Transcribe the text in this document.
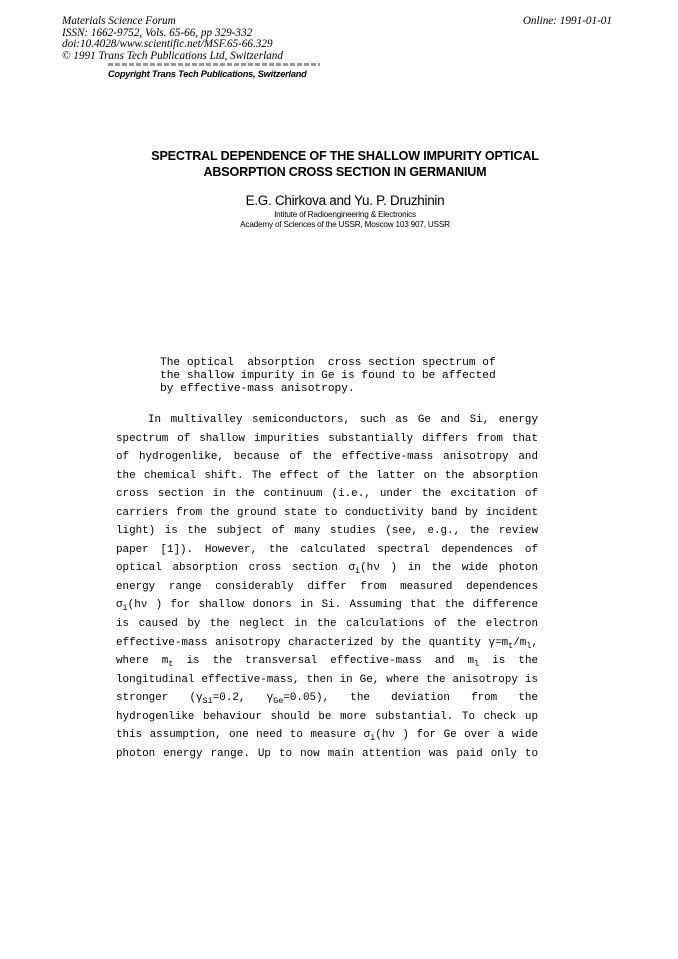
Materials Science Forum
ISSN: 1662-9752, Vols. 65-66, pp 329-332
doi:10.4028/www.scientific.net/MSF.65-66.329
© 1991 Trans Tech Publications Ltd, Switzerland
Online: 1991-01-01
Copyright Trans Tech Publications, Switzerland
SPECTRAL DEPENDENCE OF THE SHALLOW IMPURITY OPTICAL
ABSORPTION CROSS SECTION IN GERMANIUM
E.G. Chirkova and Yu. P. Druzhinin
Intitute of Radioengineering & Electronics
Academy of Sciences of the USSR, Moscow 103 907, USSR
The optical  absorption  cross section spectrum of
the shallow impurity in Ge is found to be affected
by effective-mass anisotropy.
In multivalley semiconductors, such as Ge and Si, energy
spectrum of shallow impurities substantially differs from that
of hydrogenlike, because of the effective-mass anisotropy and
the chemical shift. The effect of the latter on the absorption
cross section in the continuum (i.e., under the excitation of
carriers from the ground state to conductivity band by incident
light) is the subject of many studies (see, e.g., the review
paper [1]). However, the calculated spectral dependences of
optical absorption cross section $\sigma_i(h\nu$ ) in the wide photon
energy range considerably differ from measured dependences
$\sigma_i(h\nu$ ) for shallow donors in Si. Assuming that the difference
is caused by the neglect in the calculations of the electron
effective-mass anisotropy characterized by the quantity $\gamma=m_t/m_l$,
where $m_t$ is the transversal effective-mass and $m_l$ is the
longitudinal effective-mass, then in Ge, where the anisotropy is
stronger ($\gamma_{Si}=0.2$, $\gamma_{Ge}=0.05$), the deviation from the
hydrogenlike behaviour should be more substantial. To check up
this assumption, one need to measure $\sigma_i(h\nu$ ) for Ge over a wide
photon energy range. Up to now main attention was paid only to
